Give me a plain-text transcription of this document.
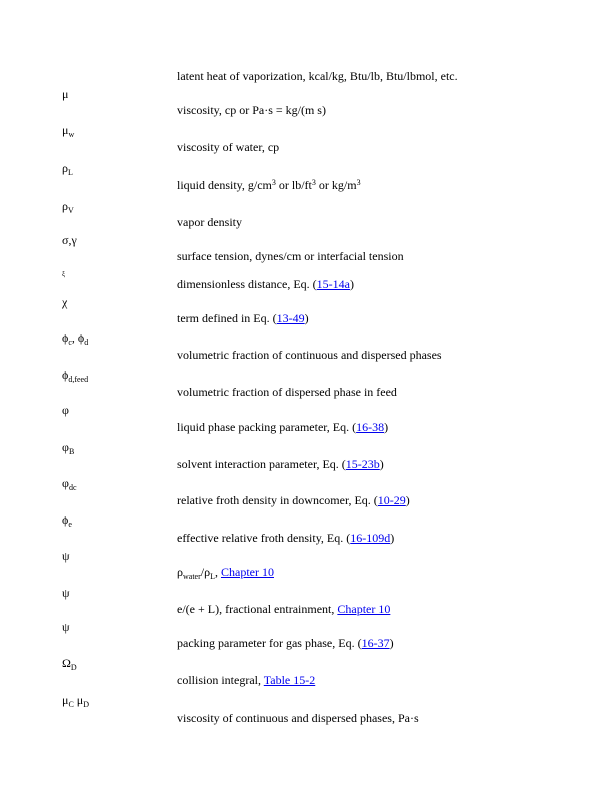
latent heat of vaporization, kcal/kg, Btu/lb, Btu/lbmol, etc.
μ
viscosity, cp or Pa·s = kg/(m s)
$\mu_w$
viscosity of water, cp
$\rho_L$
liquid density, $g/cm^3$ or $lb/ft^3$ or $kg/m^3$
$\rho_V$
vapor density
σ,γ
surface tension, dynes/cm or interfacial tension
ξ
dimensionless distance, Eq. (15-14a)
χ
term defined in Eq. (13-49)
$\phi_c$, $\phi_d$
volumetric fraction of continuous and dispersed phases
$\phi_{d,feed}$
volumetric fraction of dispersed phase in feed
φ
liquid phase packing parameter, Eq. (16-38)
$\varphi_B$
solvent interaction parameter, Eq. (15-23b)
$\varphi_{dc}$
relative froth density in downcomer, Eq. (10-29)
$\phi_e$
effective relative froth density, Eq. (16-109d)
ψ
$\rho_{water}/\rho_L$, Chapter 10
ψ
e/(e + L), fractional entrainment, Chapter 10
ψ
packing parameter for gas phase, Eq. (16-37)
$\Omega_D$
collision integral, Table 15-2
$\mu_C$ $\mu_D$
viscosity of continuous and dispersed phases, Pa·s
